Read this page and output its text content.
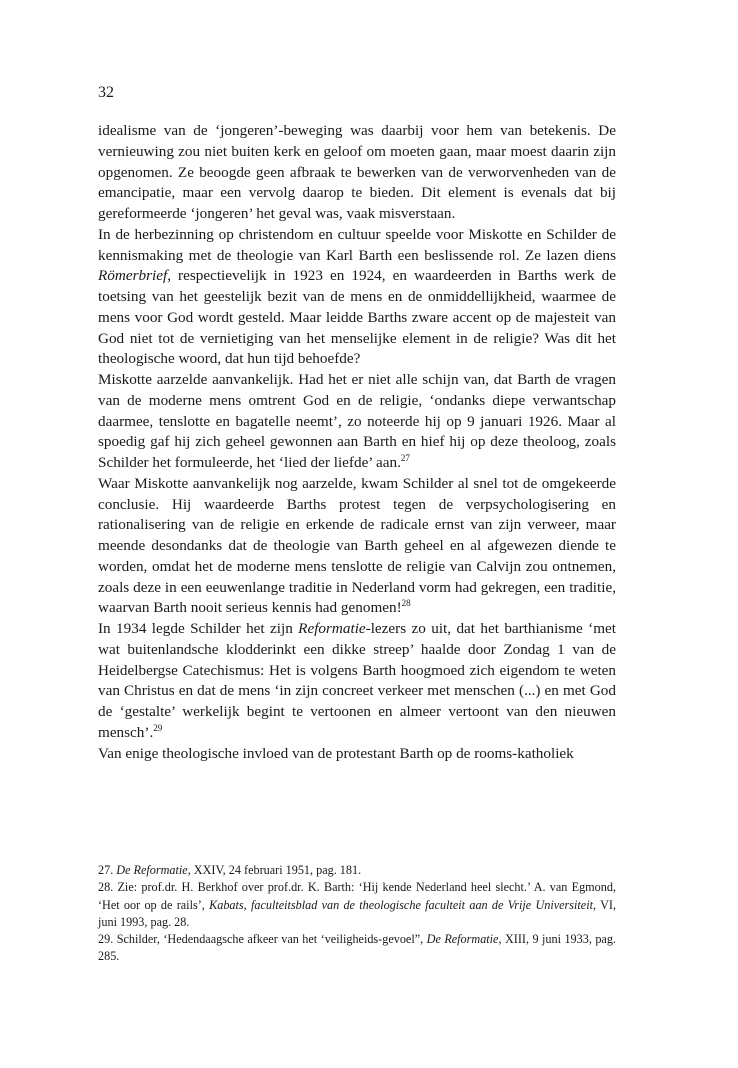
32

idealisme van de ‘jongeren’-beweging was daarbij voor hem van betekenis. De vernieuwing zou niet buiten kerk en geloof om moeten gaan, maar moest daarin zijn opgenomen. Ze beoogde geen afbraak te bewerken van de verworvenheden van de emancipatie, maar een vervolg daarop te bieden. Dit element is evenals dat bij gereformeerde ‘jongeren’ het geval was, vaak misverstaan.

In de herbezinning op christendom en cultuur speelde voor Miskotte en Schilder de kennismaking met de theologie van Karl Barth een beslissende rol. Ze lazen diens Römerbrief, respectievelijk in 1923 en 1924, en waardeerden in Barths werk de toetsing van het geestelijk bezit van de mens en de onmiddellijkheid, waarmee de mens voor God wordt gesteld. Maar leidde Barths zware accent op de majesteit van God niet tot de vernietiging van het menselijke element in de religie? Was dit het theologische woord, dat hun tijd behoefde?

Miskotte aarzelde aanvankelijk. Had het er niet alle schijn van, dat Barth de vragen van de moderne mens omtrent God en de religie, ‘ondanks diepe verwantschap daarmee, tenslotte en bagatelle neemt’, zo noteerde hij op 9 januari 1926. Maar al spoedig gaf hij zich geheel gewonnen aan Barth en hief hij op deze theoloog, zoals Schilder het formuleerde, het ‘lied der liefde’ aan.$^{27}$

Waar Miskotte aanvankelijk nog aarzelde, kwam Schilder al snel tot de omgekeerde conclusie. Hij waardeerde Barths protest tegen de verpsychologisering en rationalisering van de religie en erkende de radicale ernst van zijn verweer, maar meende desondanks dat de theologie van Barth geheel en al afgewezen diende te worden, omdat het de moderne mens tenslotte de religie van Calvijn zou ontnemen, zoals deze in een eeuwenlange traditie in Nederland vorm had gekregen, een traditie, waarvan Barth nooit serieus kennis had genomen!$^{28}$

In 1934 legde Schilder het zijn Reformatie-lezers zo uit, dat het barthianisme ‘met wat buitenlandsche klodderinkt een dikke streep’ haalde door Zondag 1 van de Heidelbergse Catechismus: Het is volgens Barth hoogmoed zich eigendom te weten van Christus en dat de mens ‘in zijn concreet verkeer met menschen (...) en met God de ‘gestalte’ werkelijk begint te vertoonen en almeer vertoont van den nieuwen mensch’.$^{29}$

Van enige theologische invloed van de protestant Barth op de rooms-katholiek

27. De Reformatie, XXIV, 24 februari 1951, pag. 181.

28. Zie: prof.dr. H. Berkhof over prof.dr. K. Barth: ‘Hij kende Nederland heel slecht.’ A. van Egmond, ‘Het oor op de rails’, Kabats, faculteitsblad van de theologische faculteit aan de Vrije Universiteit, VI, juni 1993, pag. 28.

29. Schilder, ‘Hedendaagsche afkeer van het ‘veiligheids-gevoel”, De Reformatie, XIII, 9 juni 1933, pag. 285.
